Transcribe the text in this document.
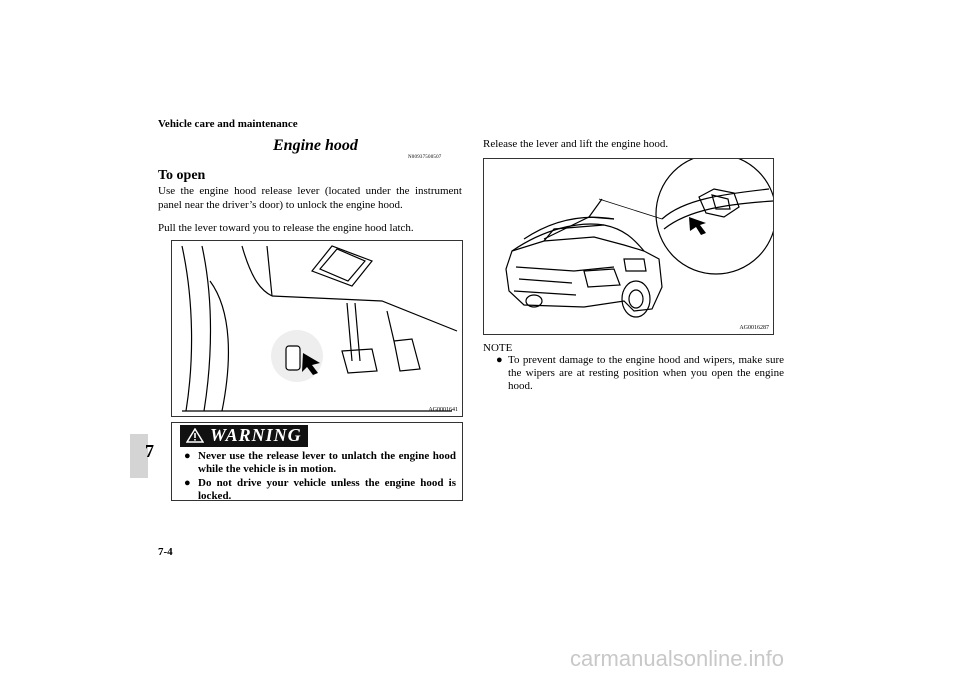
Vehicle care and maintenance
Engine hood
N00937500507
To open
Use the engine hood release lever (located under the instrument panel near the driver’s door) to unlock the engine hood.
Pull the lever toward you to release the engine hood latch.
AG0001641
WARNING
● Never use the release lever to unlatch the engine hood while the vehicle is in motion.
● Do not drive your vehicle unless the engine hood is locked.
Release the lever and lift the engine hood.
AG0016287
NOTE
● To prevent damage to the engine hood and wipers, make sure the wipers are at resting position when you open the engine hood.
7
7-4
carmanualsonline.info
